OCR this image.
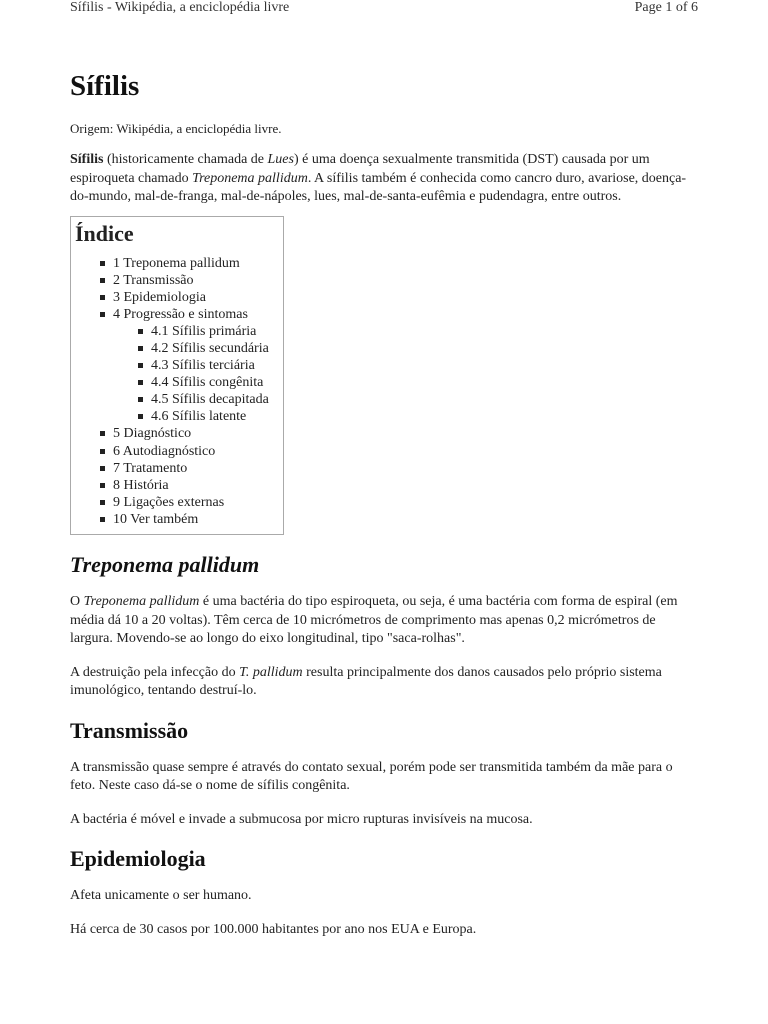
Sífilis - Wikipédia, a enciclopédia livre	Page 1 of 6
Sífilis
Origem: Wikipédia, a enciclopédia livre.

Sífilis (historicamente chamada de Lues) é uma doença sexualmente transmitida (DST) causada por um espiroqueta chamado Treponema pallidum. A sífilis também é conhecida como cancro duro, avariose, doença-do-mundo, mal-de-franga, mal-de-nápoles, lues, mal-de-santa-eufêmia e pudendagra, entre outros.

Índice
1 Treponema pallidum
2 Transmissão
3 Epidemiologia
4 Progressão e sintomas
4.1 Sífilis primária
4.2 Sífilis secundária
4.3 Sífilis terciária
4.4 Sífilis congênita
4.5 Sífilis decapitada
4.6 Sífilis latente
5 Diagnóstico
6 Autodiagnóstico
7 Tratamento
8 História
9 Ligações externas
10 Ver também
Treponema pallidum

O Treponema pallidum é uma bactéria do tipo espiroqueta, ou seja, é uma bactéria com forma de espiral (em média dá 10 a 20 voltas). Têm cerca de 10 micrómetros de comprimento mas apenas 0,2 micrómetros de largura. Movendo-se ao longo do eixo longitudinal, tipo "saca-rolhas".

A destruição pela infecção do T. pallidum resulta principalmente dos danos causados pelo próprio sistema imunológico, tentando destruí-lo.

Transmissão

A transmissão quase sempre é através do contato sexual, porém pode ser transmitida também da mãe para o feto. Neste caso dá-se o nome de sífilis congênita.

A bactéria é móvel e invade a submucosa por micro rupturas invisíveis na mucosa.

Epidemiologia

Afeta unicamente o ser humano.

Há cerca de 30 casos por 100.000 habitantes por ano nos EUA e Europa.
